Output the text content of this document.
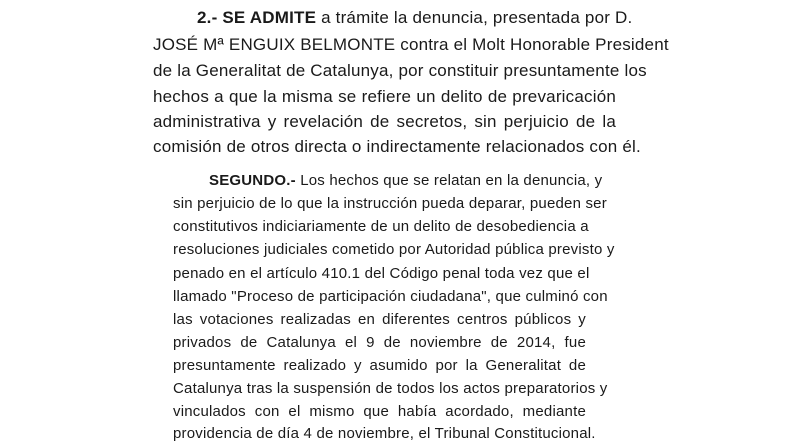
2.- SE ADMITE a trámite la denuncia, presentada por D.
JOSÉ Mª ENGUIX BELMONTE contra el Molt Honorable President
de la Generalitat de Catalunya, por constituir presuntamente los
hechos a que la misma se refiere un delito de prevaricación
administrativa y revelación de secretos, sin perjuicio de la
comisión de otros directa o indirectamente relacionados con él.
SEGUNDO.- Los hechos que se relatan en la denuncia, y
sin perjuicio de lo que la instrucción pueda deparar, pueden ser
constitutivos indiciariamente de un delito de desobediencia a
resoluciones judiciales cometido por Autoridad pública previsto y
penado en el artículo 410.1 del Código penal toda vez que el
llamado "Proceso de participación ciudadana", que culminó con
las votaciones realizadas en diferentes centros públicos y
privados de Catalunya el 9 de noviembre de 2014, fue
presuntamente realizado y asumido por la Generalitat de
Catalunya tras la suspensión de todos los actos preparatorios y
vinculados con el mismo que había acordado, mediante
providencia de día 4 de noviembre, el Tribunal Constitucional.
